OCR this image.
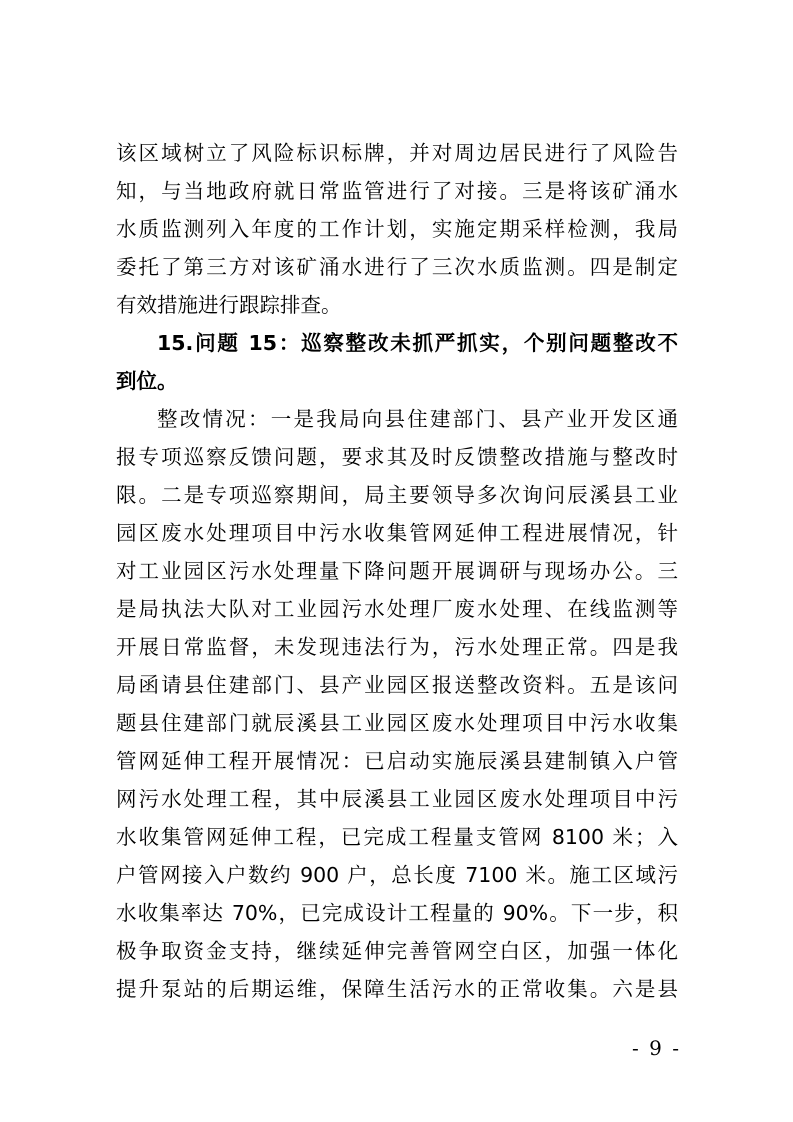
该区域树立了风险标识标牌，并对周边居民进行了风险告
知，与当地政府就日常监管进行了对接。三是将该矿涌水
水质监测列入年度的工作计划，实施定期采样检测，我局
委托了第三方对该矿涌水进行了三次水质监测。四是制定
有效措施进行跟踪排查。
15.问题 15：巡察整改未抓严抓实，个别问题整改不
到位。
整改情况：一是我局向县住建部门、县产业开发区通
报专项巡察反馈问题，要求其及时反馈整改措施与整改时
限。二是专项巡察期间，局主要领导多次询问辰溪县工业
园区废水处理项目中污水收集管网延伸工程进展情况，针
对工业园区污水处理量下降问题开展调研与现场办公。三
是局执法大队对工业园污水处理厂废水处理、在线监测等
开展日常监督，未发现违法行为，污水处理正常。四是我
局函请县住建部门、县产业园区报送整改资料。五是该问
题县住建部门就辰溪县工业园区废水处理项目中污水收集
管网延伸工程开展情况：已启动实施辰溪县建制镇入户管
网污水处理工程，其中辰溪县工业园区废水处理项目中污
水收集管网延伸工程，已完成工程量支管网 8100 米；入
户管网接入户数约 900 户，总长度 7100 米。施工区域污
水收集率达 70%，已完成设计工程量的 90%。下一步，积
极争取资金支持，继续延伸完善管网空白区，加强一体化
提升泵站的后期运维，保障生活污水的正常收集。六是县
- 9 -
